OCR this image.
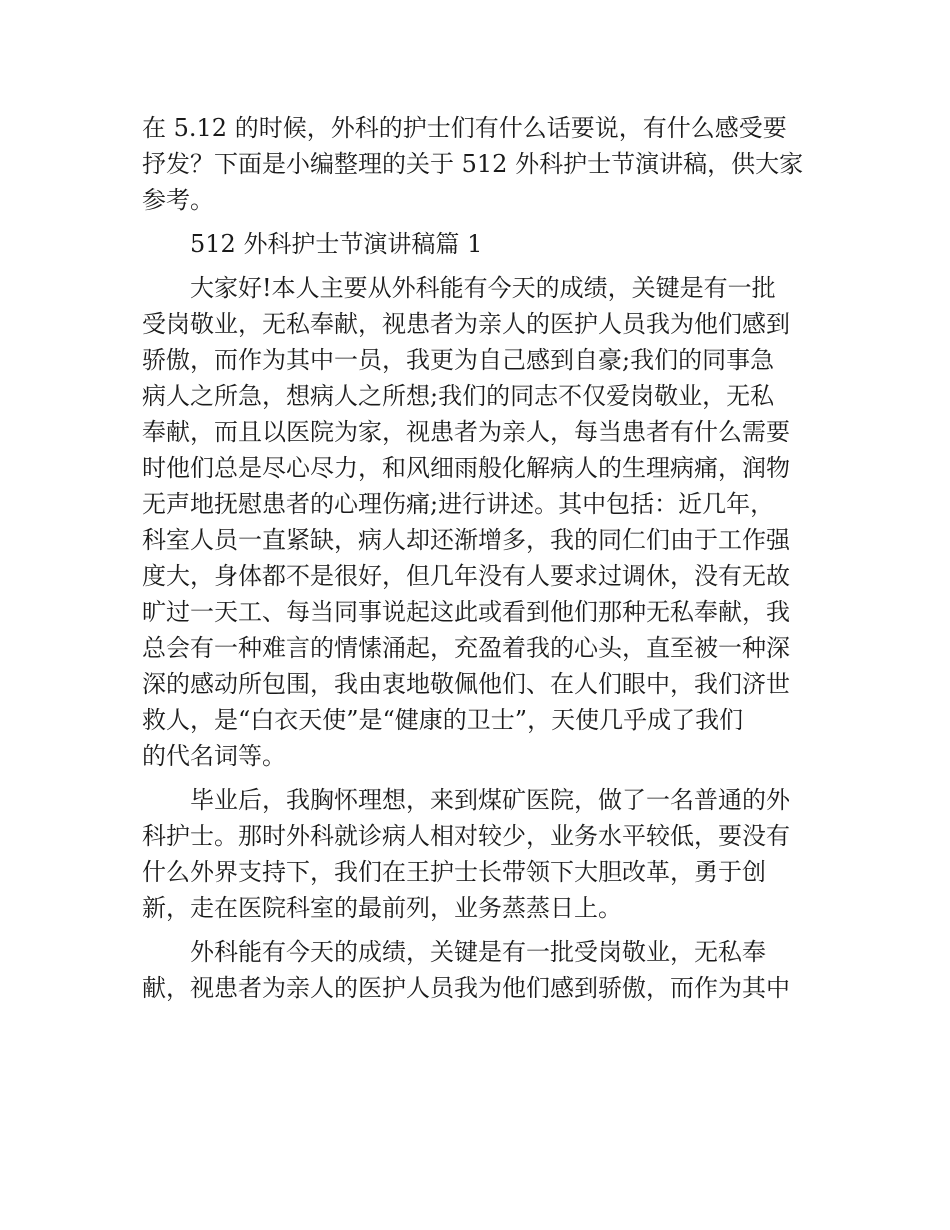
在 5.12 的时候，外科的护士们有什么话要说，有什么感受要
抒发？下面是小编整理的关于 512 外科护士节演讲稿，供大家
参考。
512 外科护士节演讲稿篇 1
大家好!本人主要从外科能有今天的成绩，关键是有一批
受岗敬业，无私奉献，视患者为亲人的医护人员我为他们感到
骄傲，而作为其中一员，我更为自己感到自豪;我们的同事急
病人之所急，想病人之所想;我们的同志不仅爱岗敬业，无私
奉献，而且以医院为家，视患者为亲人，每当患者有什么需要
时他们总是尽心尽力，和风细雨般化解病人的生理病痛，润物
无声地抚慰患者的心理伤痛;进行讲述。其中包括：近几年，
科室人员一直紧缺，病人却还渐增多，我的同仁们由于工作强
度大，身体都不是很好，但几年没有人要求过调休，没有无故
旷过一天工、每当同事说起这此或看到他们那种无私奉献，我
总会有一种难言的情愫涌起，充盈着我的心头，直至被一种深
深的感动所包围，我由衷地敬佩他们、在人们眼中，我们济世
救人，是“白衣天使”是“健康的卫士”，天使几乎成了我们
的代名词等。
毕业后，我胸怀理想，来到煤矿医院，做了一名普通的外
科护士。那时外科就诊病人相对较少，业务水平较低，要没有
什么外界支持下，我们在王护士长带领下大胆改革，勇于创
新，走在医院科室的最前列，业务蒸蒸日上。
外科能有今天的成绩，关键是有一批受岗敬业，无私奉
献，视患者为亲人的医护人员我为他们感到骄傲，而作为其中
